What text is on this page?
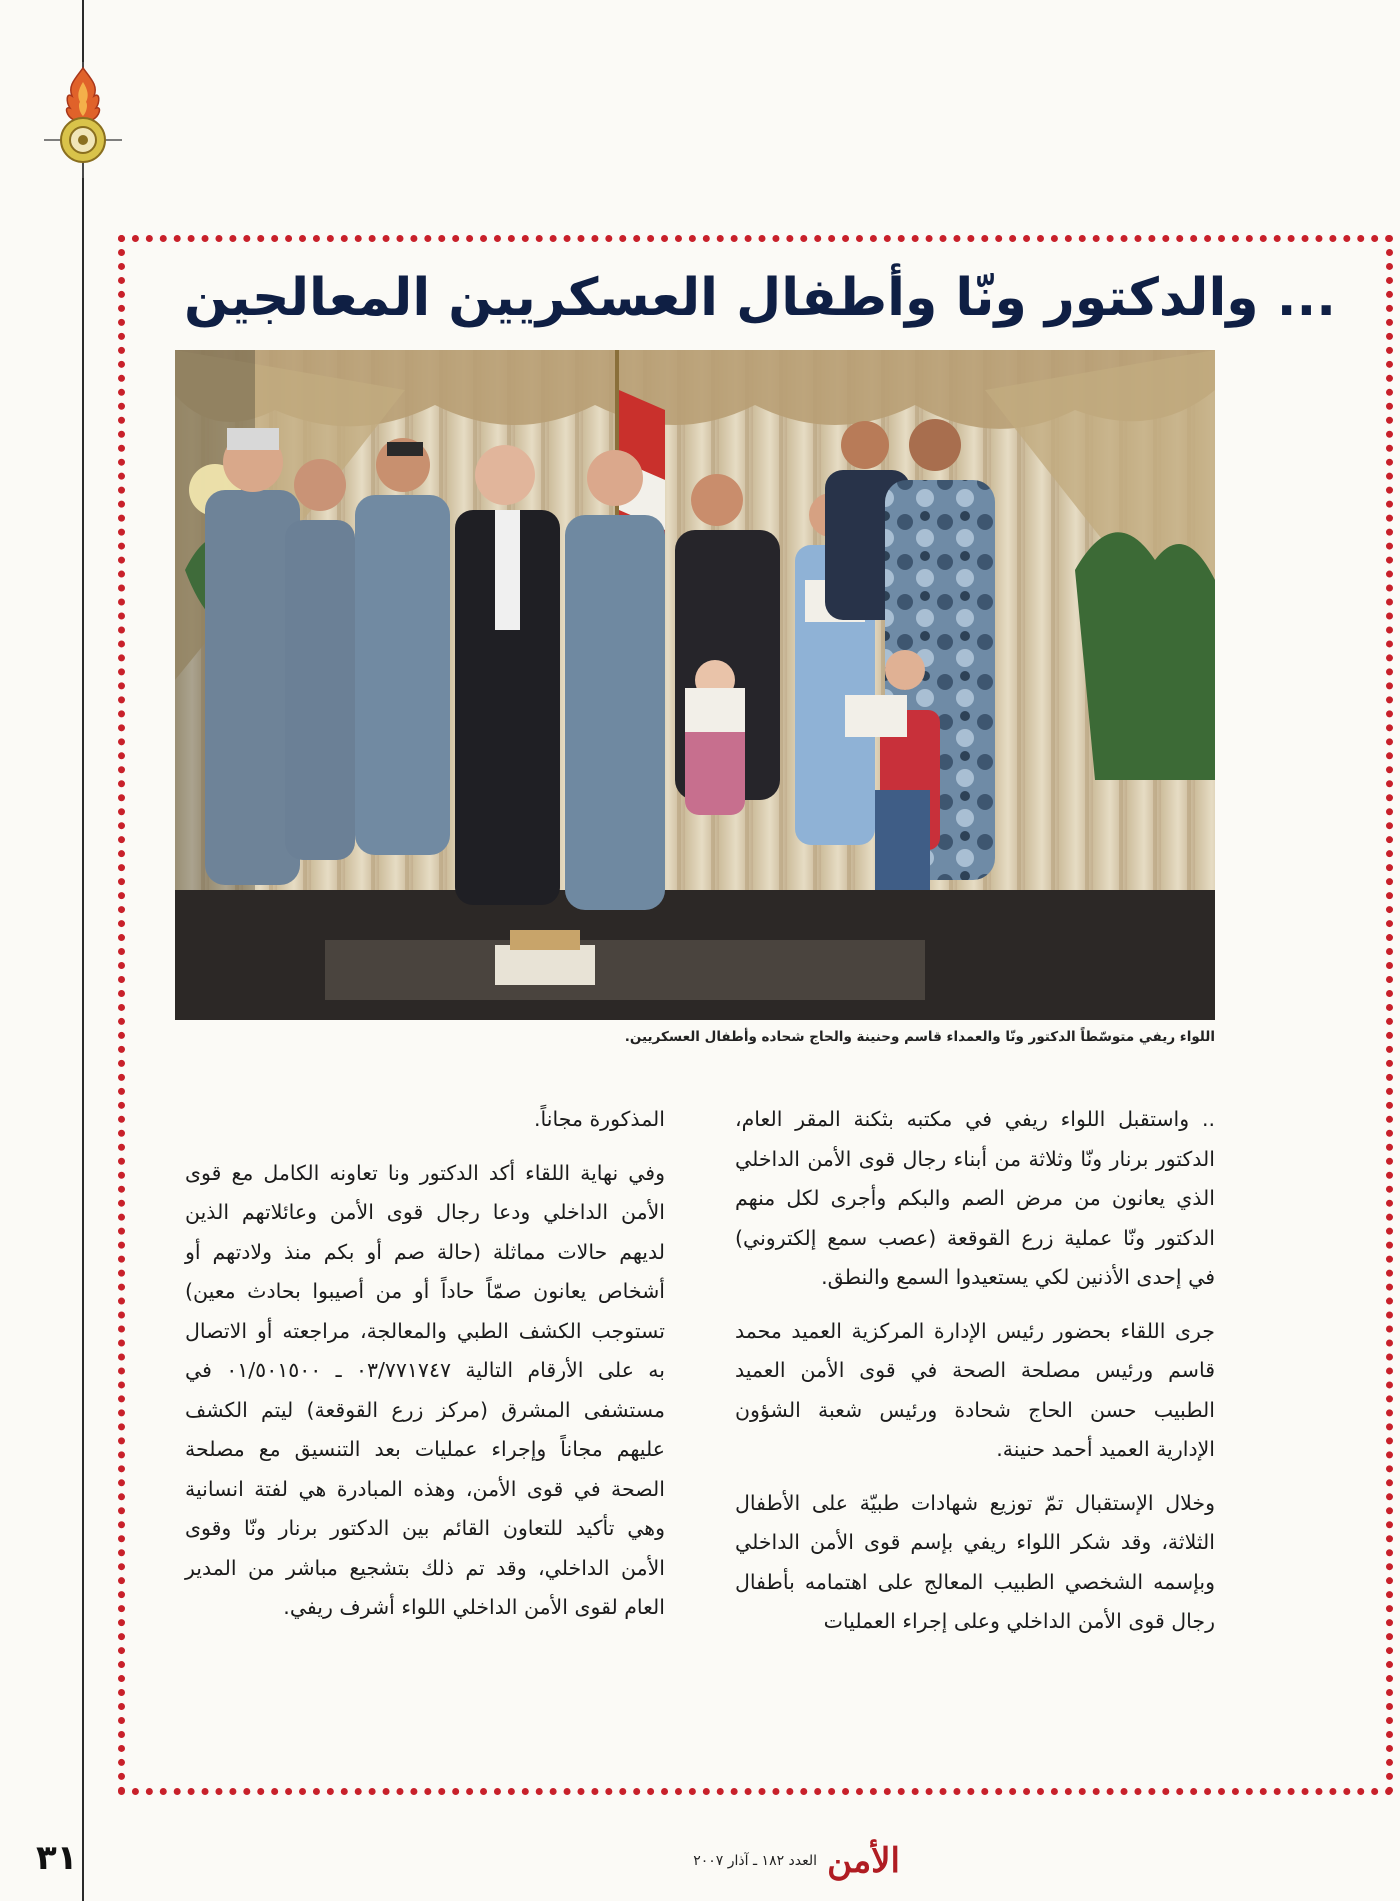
... والدكتور ونّا وأطفال العسكريين المعالجين

اللواء ريفي متوسّطاً الدكتور ونّا والعمداء قاسم وحنينة والحاج شحاده وأطفال العسكريين.

.. واستقبل اللواء ريفي في مكتبه بثكنة المقر العام، الدكتور برنار ونّا وثلاثة من أبناء رجال قوى الأمن الداخلي الذي يعانون من مرض الصم والبكم وأجرى لكل منهم الدكتور ونّا عملية زرع القوقعة (عصب سمع إلكتروني) في إحدى الأذنين لكي يستعيدوا السمع والنطق.

جرى اللقاء بحضور رئيس الإدارة المركزية العميد محمد قاسم ورئيس مصلحة الصحة في قوى الأمن العميد الطبيب حسن الحاج شحادة ورئيس شعبة الشؤون الإدارية العميد أحمد حنينة.

وخلال الإستقبال تمّ توزيع شهادات طبيّة على الأطفال الثلاثة، وقد شكر اللواء ريفي بإسم قوى الأمن الداخلي وبإسمه الشخصي الطبيب المعالج على اهتمامه بأطفال رجال قوى الأمن الداخلي وعلى إجراء العمليات

المذكورة مجاناً.

وفي نهاية اللقاء أكد الدكتور ونا تعاونه الكامل مع قوى الأمن الداخلي ودعا رجال قوى الأمن وعائلاتهم الذين لديهم حالات مماثلة (حالة صم أو بكم منذ ولادتهم أو أشخاص يعانون صمّاً حاداً أو من أصيبوا بحادث معين) تستوجب الكشف الطبي والمعالجة، مراجعته أو الاتصال به على الأرقام التالية ٠٣/٧٧١٧٤٧ ـ ٠١/٥٠١٥٠٠ في مستشفى المشرق (مركز زرع القوقعة) ليتم الكشف عليهم مجاناً وإجراء عمليات بعد التنسيق مع مصلحة الصحة في قوى الأمن، وهذه المبادرة هي لفتة انسانية وهي تأكيد للتعاون القائم بين الدكتور برنار ونّا وقوى الأمن الداخلي، وقد تم ذلك بتشجيع مباشر من المدير العام لقوى الأمن الداخلي اللواء أشرف ريفي.

٣١	الأمن
العدد ١٨٢ ـ آذار ٢٠٠٧
